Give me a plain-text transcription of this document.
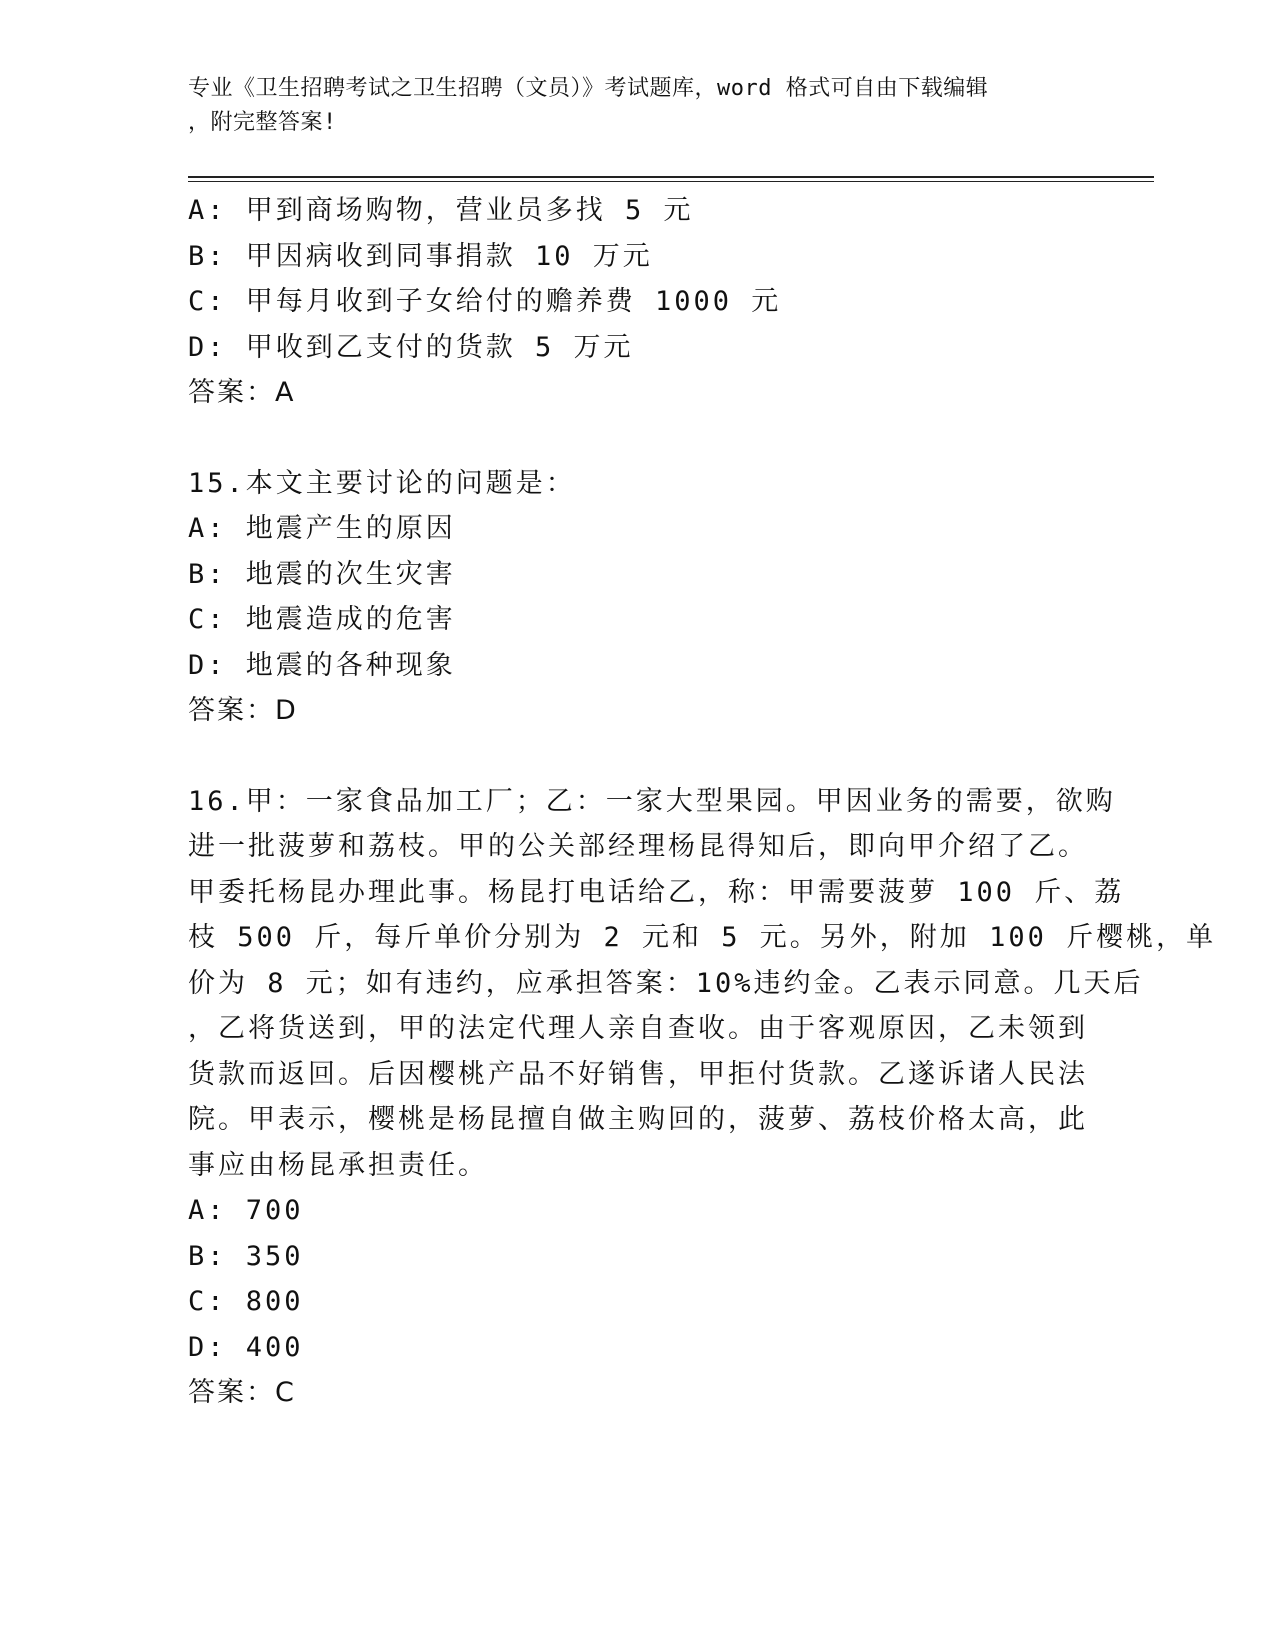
专业《卫生招聘考试之卫生招聘（文员）》考试题库，word 格式可自由下载编辑
，附完整答案!
A: 甲到商场购物，营业员多找 5 元
B: 甲因病收到同事捐款 10 万元
C: 甲每月收到子女给付的赡养费 1000 元
D: 甲收到乙支付的货款 5 万元
答案：A
15.本文主要讨论的问题是：
A: 地震产生的原因
B: 地震的次生灾害
C: 地震造成的危害
D: 地震的各种现象
答案：D
16.甲：一家食品加工厂；乙：一家大型果园。甲因业务的需要，欲购
进一批菠萝和荔枝。甲的公关部经理杨昆得知后，即向甲介绍了乙。
甲委托杨昆办理此事。杨昆打电话给乙，称：甲需要菠萝 100 斤、荔
枝 500 斤，每斤单价分别为 2 元和 5 元。另外，附加 100 斤樱桃，单
价为 8 元；如有违约，应承担答案：10%违约金。乙表示同意。几天后
，乙将货送到，甲的法定代理人亲自查收。由于客观原因，乙未领到
货款而返回。后因樱桃产品不好销售，甲拒付货款。乙遂诉诸人民法
院。甲表示，樱桃是杨昆擅自做主购回的，菠萝、荔枝价格太高，此
事应由杨昆承担责任。
A: 700
B: 350
C: 800
D: 400
答案：C
